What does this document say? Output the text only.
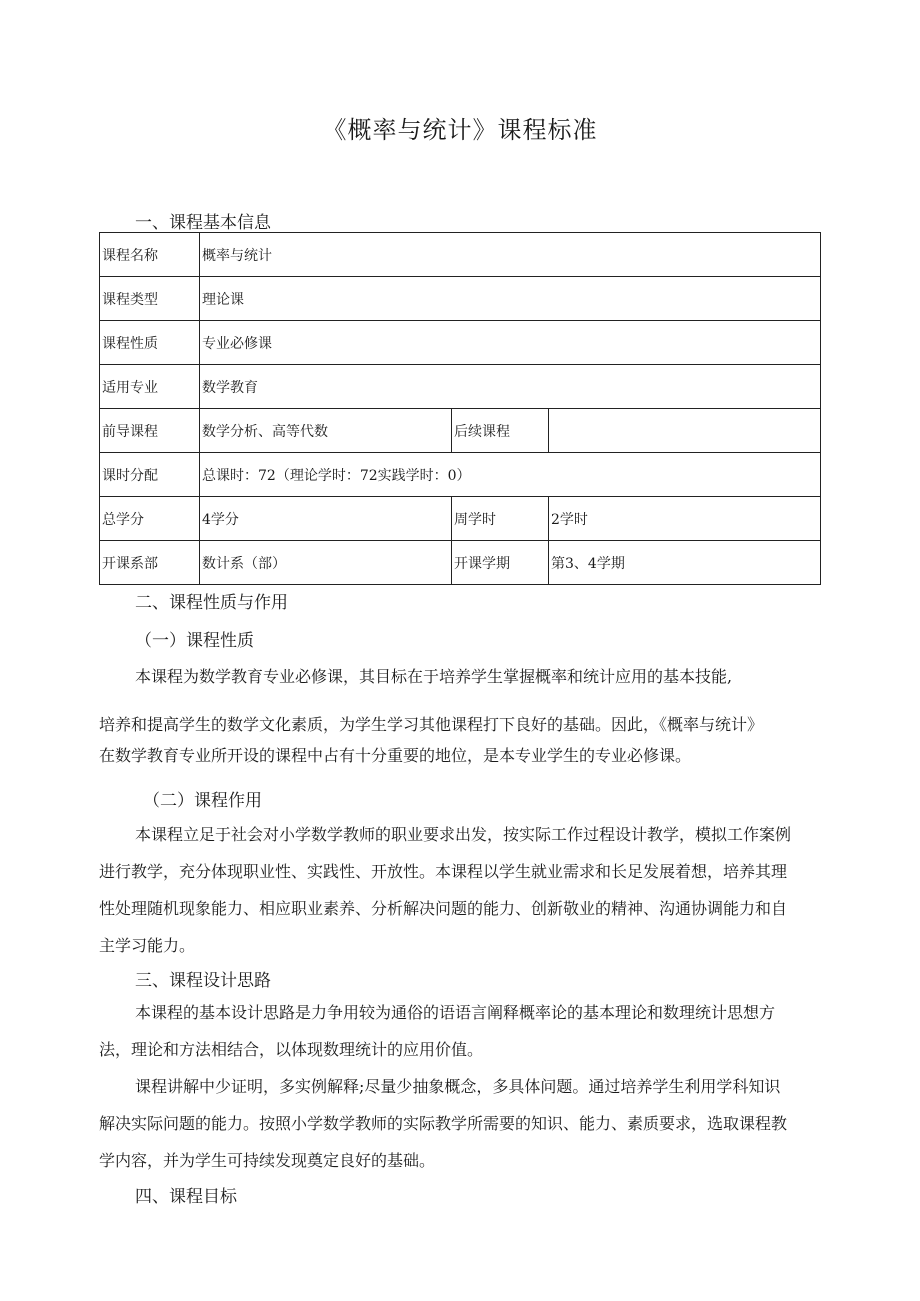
《概率与统计》课程标准
一、课程基本信息
课程名称	概率与统计		
课程类型	理论课		
课程性质	专业必修课		
适用专业	数学教育		
前导课程	数学分析、高等代数	后续课程	
课时分配	总课时：72（理论学时：72实践学时：0）		
总学分	4学分	周学时	2学时
开课系部	数计系（部）	开课学期	第3、4学期
二、课程性质与作用
（一）课程性质

本课程为数学教育专业必修课，其目标在于培养学生掌握概率和统计应用的基本技能,

培养和提高学生的数学文化素质，为学生学习其他课程打下良好的基础。因此，《概率与统计》
在数学教育专业所开设的课程中占有十分重要的地位，是本专业学生的专业必修课。

（二）课程作用

本课程立足于社会对小学数学教师的职业要求出发，按实际工作过程设计教学，模拟工作案例
进行教学，充分体现职业性、实践性、开放性。本课程以学生就业需求和长足发展着想，培养其理
性处理随机现象能力、相应职业素养、分析解决问题的能力、创新敬业的精神、沟通协调能力和自
主学习能力。

三、课程设计思路

本课程的基本设计思路是力争用较为通俗的语语言阐释概率论的基本理论和数理统计思想方
法，理论和方法相结合，以体现数理统计的应用价值。

课程讲解中少证明，多实例解释;尽量少抽象概念，多具体问题。通过培养学生利用学科知识
解决实际问题的能力。按照小学数学教师的实际教学所需要的知识、能力、素质要求，选取课程教
学内容，并为学生可持续发现奠定良好的基础。

四、课程目标
